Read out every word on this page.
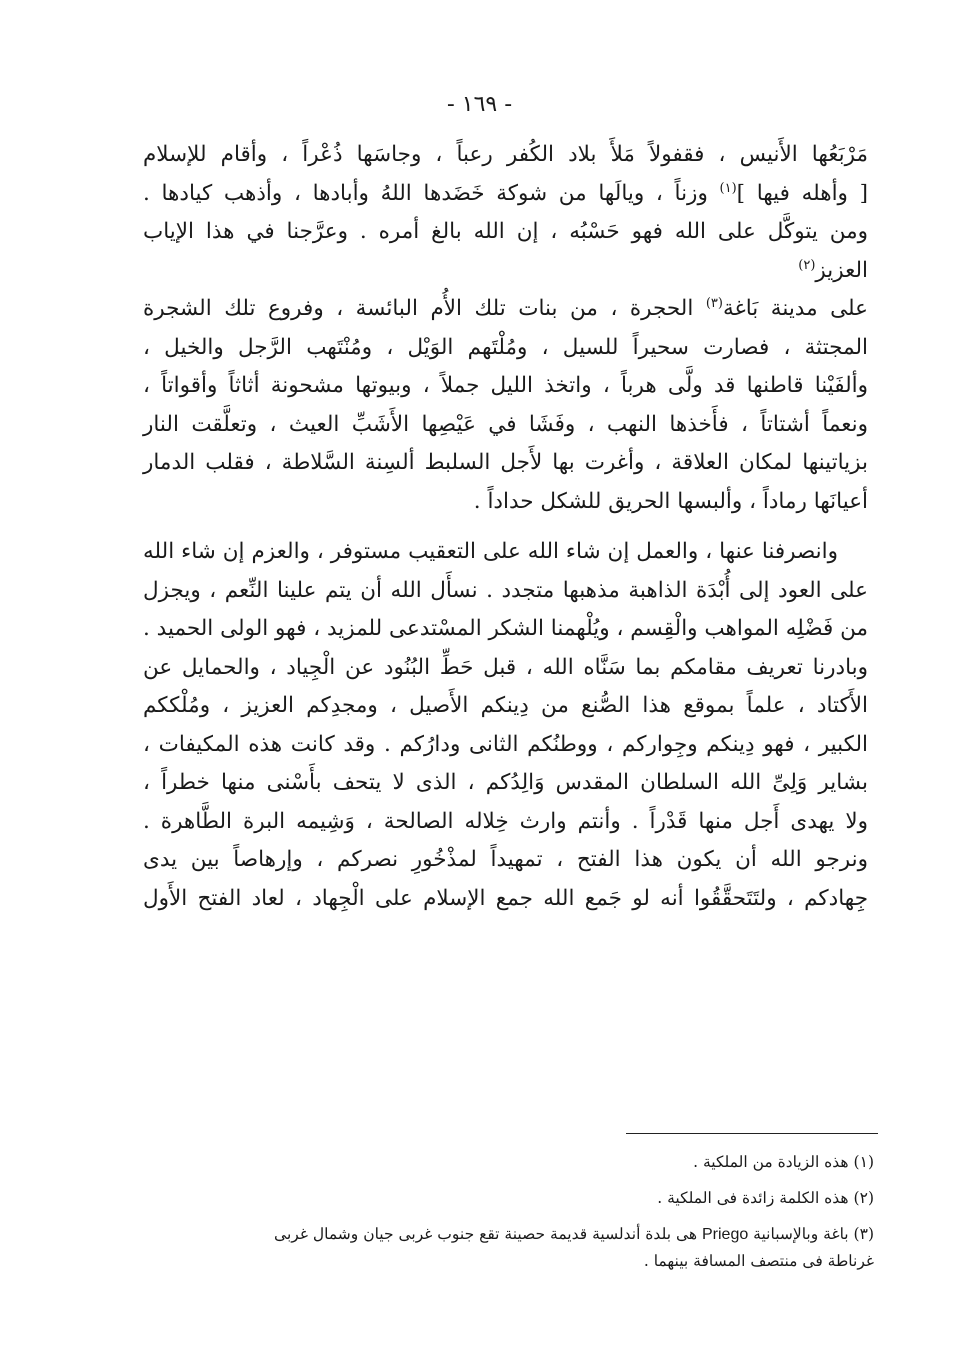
- ١٦٩ -

مَرْبَعُها الأَنيس ، فقفولاً مَلأَ بلاد الكُفر رعباً ، وجاسَها ذُعْراً ، وأقام للإسلام

[ وأهله فيها ]$^{(١)}$ وزناً ، ويالَها من شوكة خَضَدها اللهُ وأبادها ، وأذهب كيادها .

ومن يتوكَّل على الله فهو حَسْبُه ، إن الله بالغ أمره . وعرَّجنا في هذا الإياب العزيز$^{(٢)}$

على مدينة بَاغة$^{(٣)}$ الحجرة ، من بنات تلك الأُم البائسة ، وفروع تلك الشجرة

المجتثة ، فصارت سحيراً للسيل ، ومُلْتَهم الوَيْل ، ومُنْتَهب الرَّجل والخيل ،

وألفَيْنا قاطنها قد ولَّى هرباً ، واتخذ الليل جملاً ، وبيوتها مشحونة أثاثاً وأقواتاً ،

ونعماً أشتاتاً ، فأَخذها النهب ، وفَشَا في عَيْصِها الأَشَبِّ العيث ، وتعلَّقت النار

بزياتينها لمكان العلاقة ، وأغرت بها لأَجل السلبط ألسِنة السَّلاطة ، فقلب الدمار

أعيانَها رماداً ، وألبسها الحريق للشكل حداداً .

وانصرفنا عنها ، والعمل إن شاء الله على التعقيب مستوفر ، والعزم إن شاء الله

على العود إلى أُبْدَة الذاهبة مذهبها متجدد . نسأَل الله أن يتم علينا النِّعم ، ويجزل

من فَضْلِه المواهب والْقِسم ، ويُلْهمنا الشكر المسْتدعى للمزيد ، فهو الولى الحميد .

وبادرنا تعريف مقامكم بما سَنَّاه الله ، قبل حَطِّ البُنُود عن الْجِياد ، والحمايل عن

الأَكتاد ، علماً بموقع هذا الصُّنع من دِينكم الأَصيل ، ومجدِكم العزيز ، ومُلْككم

الكبير ، فهو دِينكم وجِواركم ، ووطنُكم الثانى ودارُكم . وقد كانت هذه المكيفات ،

بشاير وَلِىِّ الله السلطان المقدس وَالِدُكم ، الذى لا يتحف بأَسْنى منها خطراً ،

ولا يهدى أَجل منها قَدْراً . وأنتم وارث خِلاله الصالحة ، وَشِيمه البرة الطَّاهرة .

ونرجو الله أن يكون هذا الفتح ، تمهيداً لمذْخُورِ نصركم ، وإرهاصاً بين يدى

جِهادكم ، ولتَتَحقَّقُوا أنه لو جَمع الله جمع الإسلام على الْجِهاد ، لعاد الفتح الأَول

(١) هذه الزيادة من الملكية .

(٢) هذه الكلمة زائدة فى الملكية .

(٣) باغة وبالإسبانية Priego هى بلدة أندلسية قديمة حصينة تقع جنوب غربى جيان وشمال غربى

غرناطة فى منتصف المسافة بينهما .
